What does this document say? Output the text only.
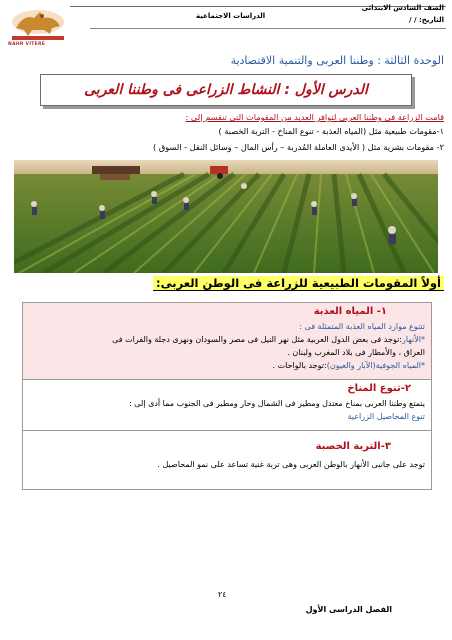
الصف السادس الابتدائى
الدراسات الاجتماعية	التاريخ: / /
NAHR VITERE
الوحدة الثالثة : وطننا العربى والتنمية الاقتصادية
الدرس الأول : النشاط الزراعى فى وطننا العربى
قامت الزراعة فى وطننا العربى لتوافر العديد من المقومات التى تنقسم إلى :
١-مقومات طبيعية مثل (المياه العذبة - تنوع المناخ - التربة الخصبة )
٢- مقومات بشرية مثل ( الأيدى العاملة المُدربة – رأس المال – وسائل النقل - السوق )
أولاً المقومات الطبيعية للزراعة فى الوطن العربى:
١- المياه العذبة
تتنوع موارد المياه العذبة المتمثلة فى :
*الأنهار:توجد فى بعض الدول العربية مثل نهر النيل فى مصر والسودان ونهرى دجلة والفرات فى
العراق ، والأمطار فى بلاد المغرب ولبنان .
*المياه الجوفية(الآبار والعيون):توجد بالواحات .
٢-تنوع المناخ
يتمتع وطننا العربى بمناخ معتدل ومطير فى الشمال وحار ومطير فى الجنوب مما أدى إلى :
تنوع المحاصيل الزراعية
٣-التربة الخصبة
توجد على جانبى الأنهار بالوطن العربى وهى تربة غنية تساعد على نمو المحاصيل .
٢٤
الفصل الدراسى الأول
